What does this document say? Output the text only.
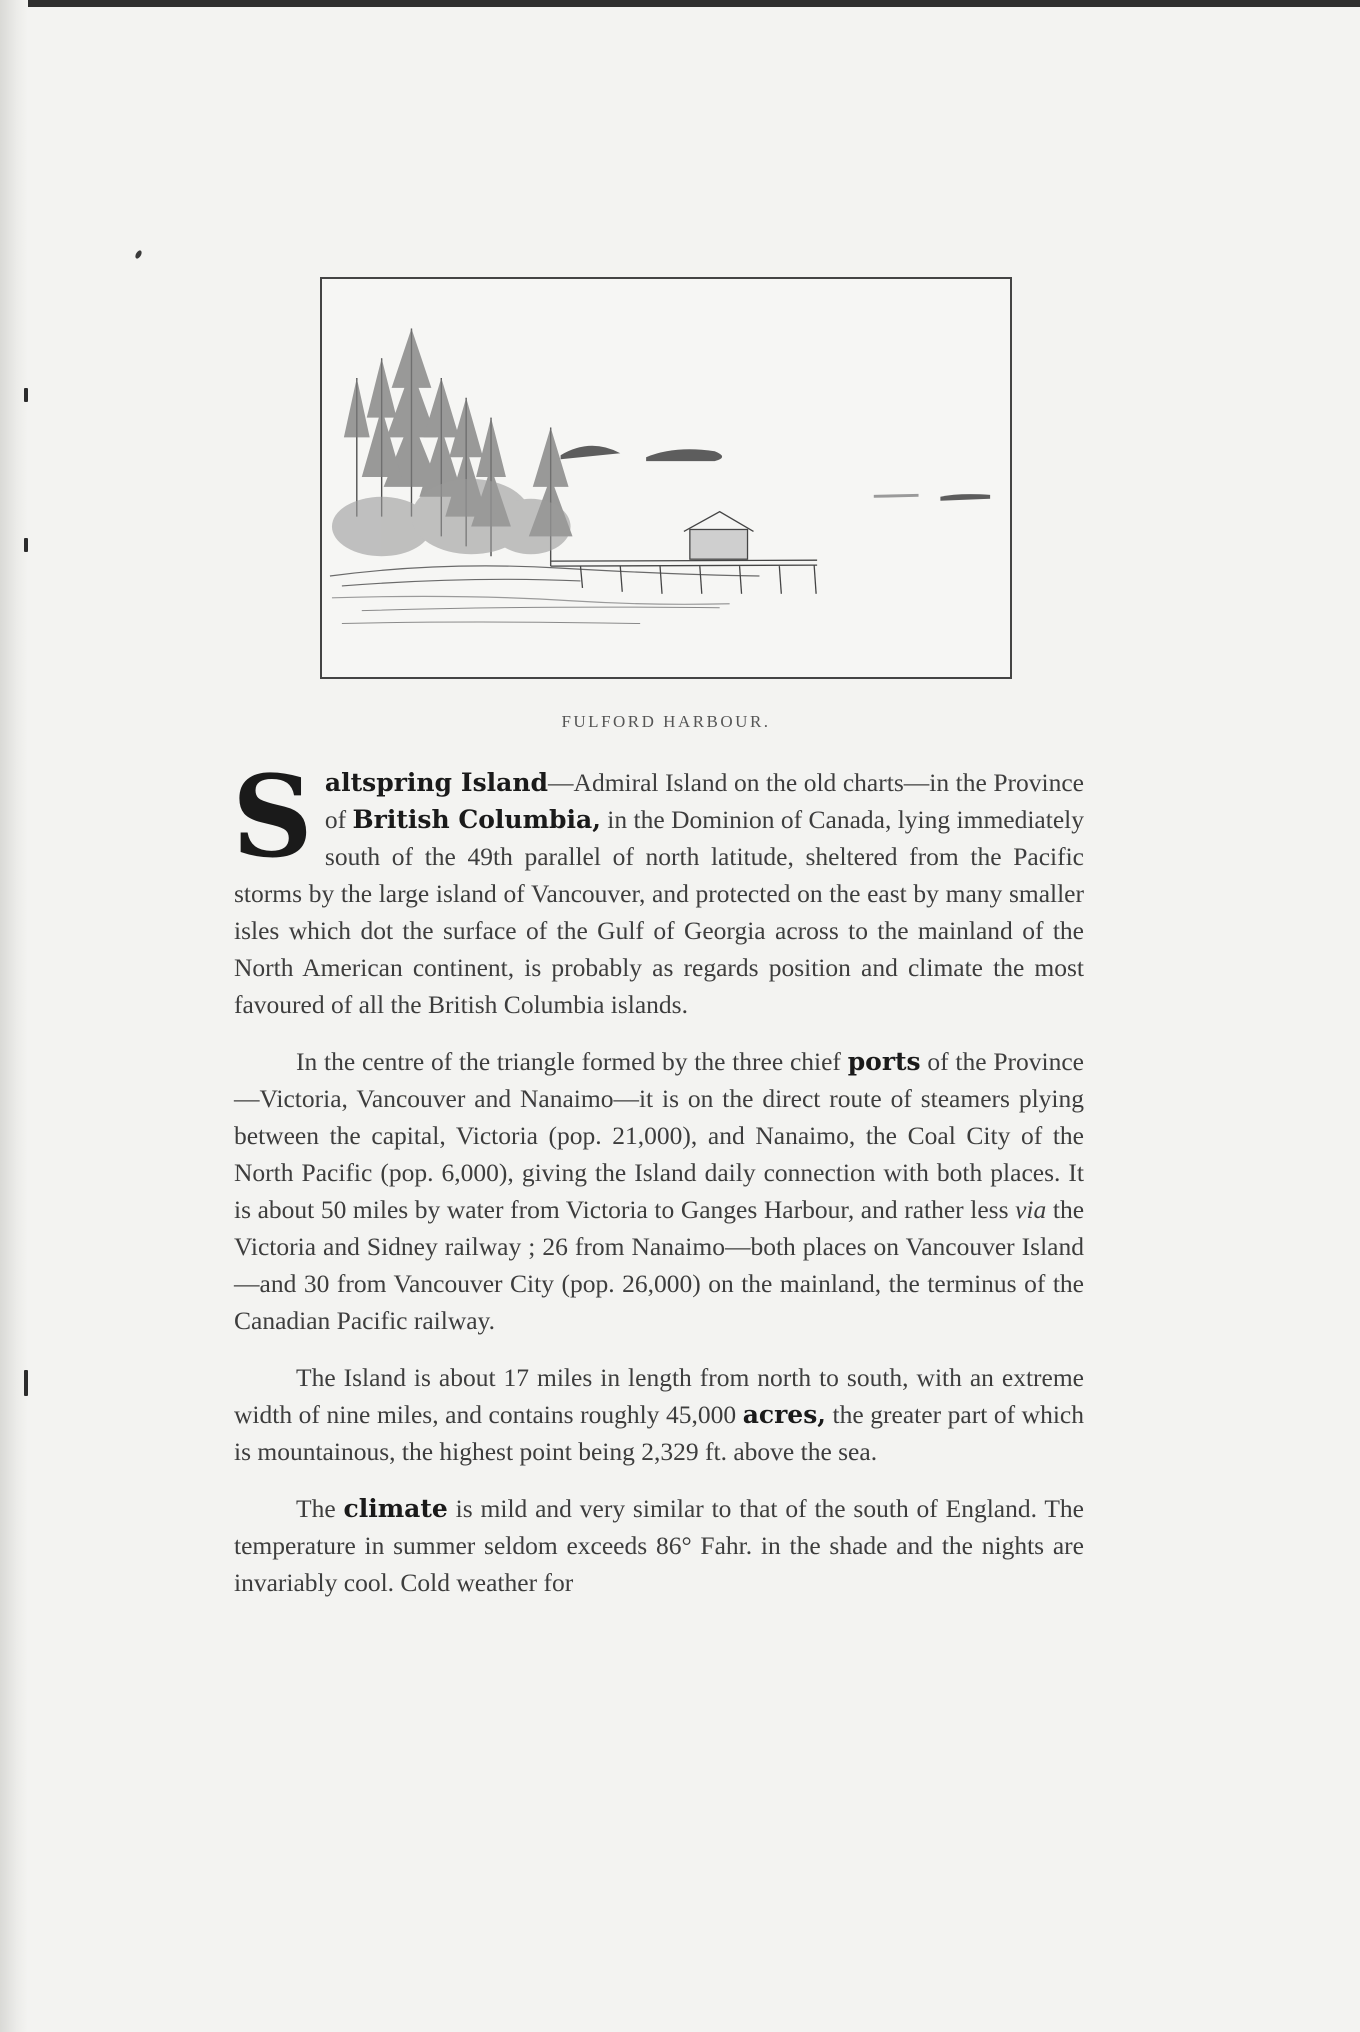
FULFORD HARBOUR.

Saltspring Island—Admiral Island on the old charts—in the Province of British Columbia, in the Dominion of Canada, lying immediately south of the 49th parallel of north latitude, sheltered from the Pacific storms by the large island of Vancouver, and protected on the east by many smaller isles which dot the surface of the Gulf of Georgia across to the mainland of the North American continent, is probably as regards position and climate the most favoured of all the British Columbia islands.

In the centre of the triangle formed by the three chief ports of the Province—Victoria, Vancouver and Nanaimo—it is on the direct route of steamers plying between the capital, Victoria (pop. 21,000), and Nanaimo, the Coal City of the North Pacific (pop. 6,000), giving the Island daily connection with both places. It is about 50 miles by water from Victoria to Ganges Harbour, and rather less via the Victoria and Sidney railway ; 26 from Nanaimo—both places on Vancouver Island—and 30 from Vancouver City (pop. 26,000) on the mainland, the terminus of the Canadian Pacific railway.

The Island is about 17 miles in length from north to south, with an extreme width of nine miles, and contains roughly 45,000 acres, the greater part of which is mountainous, the highest point being 2,329 ft. above the sea.

The climate is mild and very similar to that of the south of England. The temperature in summer seldom exceeds 86° Fahr. in the shade and the nights are invariably cool. Cold weather for
